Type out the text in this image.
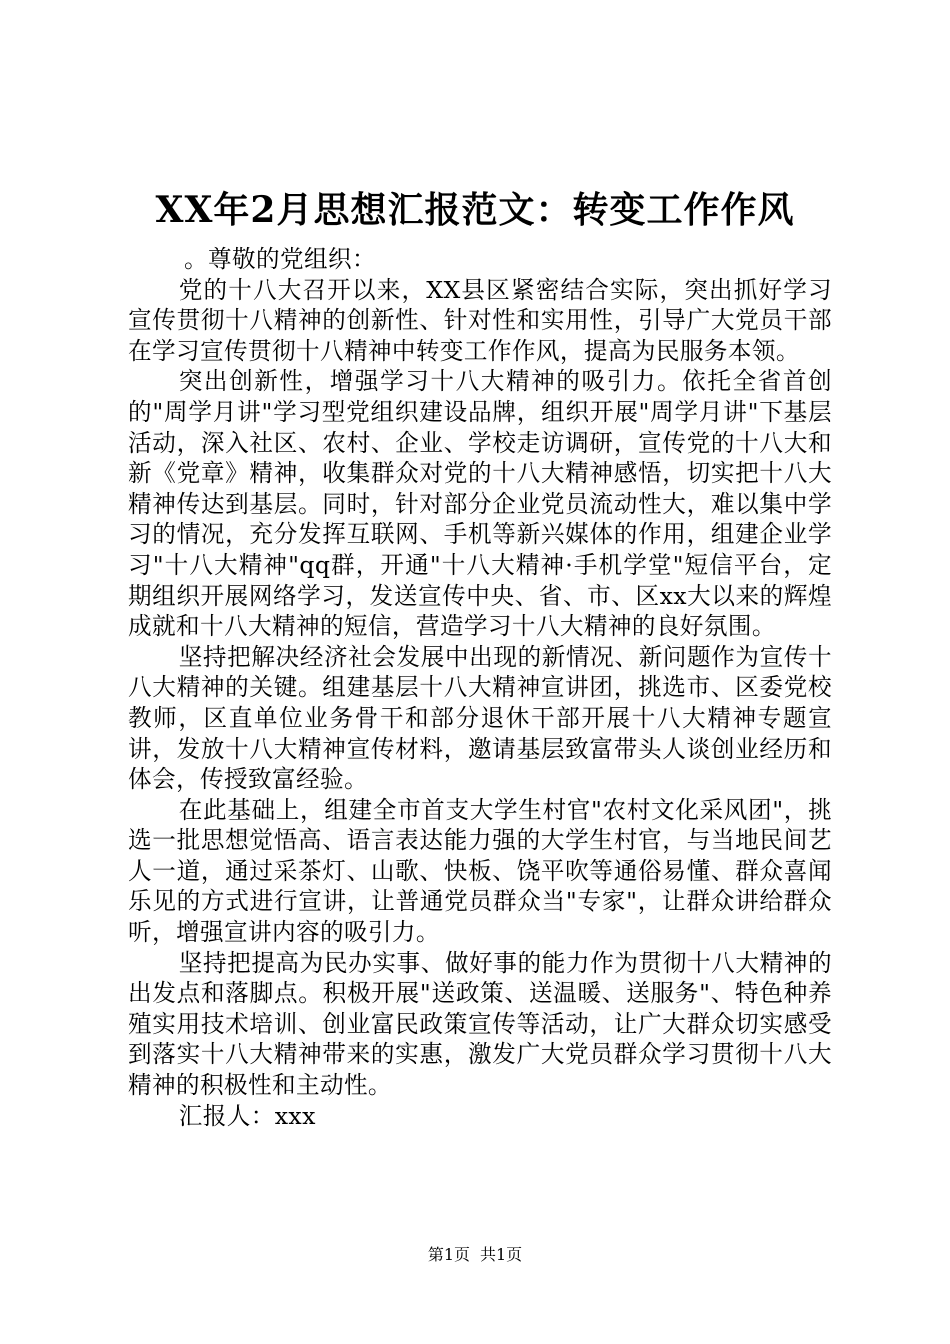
XX年2月思想汇报范文：转变工作作风

。尊敬的党组织：

党的十八大召开以来，XX县区紧密结合实际，突出抓好学习宣传贯彻十八精神的创新性、针对性和实用性，引导广大党员干部在学习宣传贯彻十八精神中转变工作作风，提高为民服务本领。

突出创新性，增强学习十八大精神的吸引力。依托全省首创的"周学月讲"学习型党组织建设品牌，组织开展"周学月讲"下基层活动，深入社区、农村、企业、学校走访调研，宣传党的十八大和新《党章》精神，收集群众对党的十八大精神感悟，切实把十八大精神传达到基层。同时，针对部分企业党员流动性大，难以集中学习的情况，充分发挥互联网、手机等新兴媒体的作用，组建企业学习"十八大精神"qq群，开通"十八大精神·手机学堂"短信平台，定期组织开展网络学习，发送宣传中央、省、市、区xx大以来的辉煌成就和十八大精神的短信，营造学习十八大精神的良好氛围。

坚持把解决经济社会发展中出现的新情况、新问题作为宣传十八大精神的关键。组建基层十八大精神宣讲团，挑选市、区委党校教师，区直单位业务骨干和部分退休干部开展十八大精神专题宣讲，发放十八大精神宣传材料，邀请基层致富带头人谈创业经历和体会，传授致富经验。

在此基础上，组建全市首支大学生村官"农村文化采风团"，挑选一批思想觉悟高、语言表达能力强的大学生村官，与当地民间艺人一道，通过采茶灯、山歌、快板、饶平吹等通俗易懂、群众喜闻乐见的方式进行宣讲，让普通党员群众当"专家"，让群众讲给群众听，增强宣讲内容的吸引力。

坚持把提高为民办实事、做好事的能力作为贯彻十八大精神的出发点和落脚点。积极开展"送政策、送温暖、送服务"、特色种养殖实用技术培训、创业富民政策宣传等活动，让广大群众切实感受到落实十八大精神带来的实惠，激发广大党员群众学习贯彻十八大精神的积极性和主动性。

汇报人：xxx

第1页 共1页
